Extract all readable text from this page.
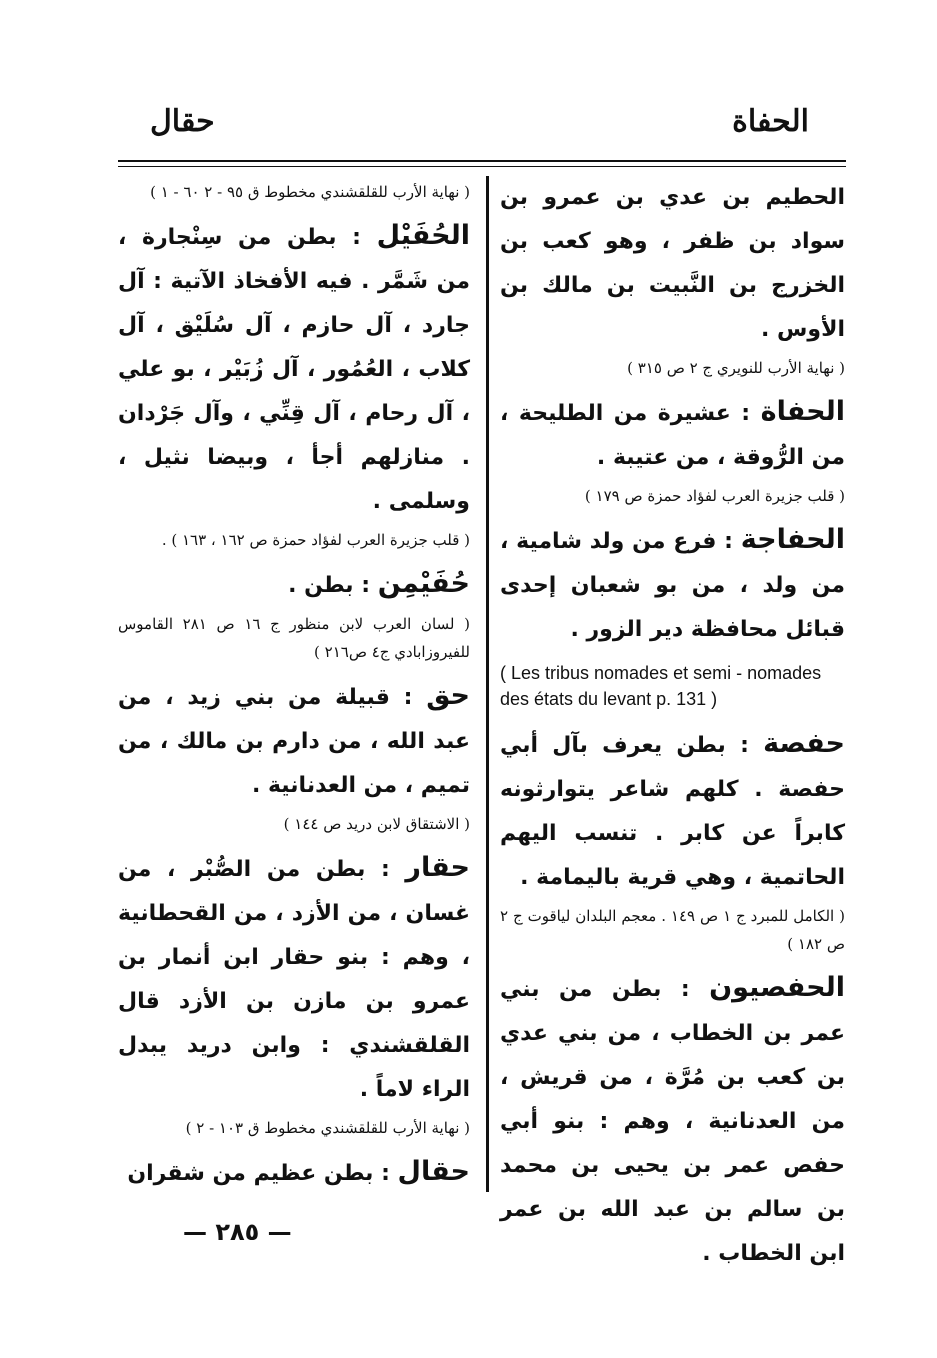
الحفاة
حقال

الحطيم بن عدي بن عمرو بن سواد بن ظفر ، وهو كعب بن الخزرج بن النَّبيت بن مالك بن الأوس .

( نهاية الأرب للنويري ج ٢ ص ٣١٥ )

الحفاة : عشيرة من الطليحة ، من الرُّوقة ، من عتيبة .

( قلب جزيرة العرب لفؤاد حمزة ص ١٧٩ )

الحفاجة : فرع من ولد شامية ، من ولد ، من بو شعبان إحدى قبائل محافظة دير الزور .

( Les tribus nomades et semi - nomades des états du levant p. 131 )

حفصة : بطن يعرف بآل أبي حفصة . كلهم شاعر يتوارثونه كابراً عن كابر . تنسب اليهم الحاتمية ، وهي قرية باليمامة .

( الكامل للمبرد ج ١ ص ١٤٩ . معجم البلدان لياقوت ج ٢ ص ١٨٢ )

الحفصيون : بطن من بني عمر بن الخطاب ، من بني عدي بن كعب بن مُرَّة ، من قريش ، من العدنانية ، وهم : بنو أبي حفص عمر بن يحيى بن محمد بن سالم بن عبد الله بن عمر ابن الخطاب .

( نهاية الأرب للقلقشندي مخطوط ق ٩٥ - ٢ ٦٠ - ١ )

الحُفَيْل : بطن من سِنْجارة ، من شَمَّر . فيه الأفخاذ الآتية : آل جارد ، آل حازم ، آل سُلَيْق ، آل كلاب ، العُمُور ، آل زُبَيْر ، بو علي ، آل رحام ، آل قِنِّي ، وآل جَرْدان . منازلهم أجأ ، وبيضا نثيل ، وسلمى .

( قلب جزيرة العرب لفؤاد حمزة ص ١٦٢ ، ١٦٣ ) .

حُفَيْمِن : بطن .

( لسان العرب لابن منظور ج ١٦ ص ٢٨١ القاموس للفيروزابادي ج٤ ص٢١٦ )

حق : قبيلة من بني زيد ، من عبد الله ، من دارم بن مالك ، من تميم ، من العدنانية .

( الاشتقاق لابن دريد ص ١٤٤ )

حقار : بطن من الصُّبْر ، من غسان ، من الأزد ، من القحطانية ، وهم : بنو حقار ابن أنمار بن عمرو بن مازن بن الأزد قال القلقشندي : وابن دريد يبدل الراء لاماً .

( نهاية الأرب للقلقشندي مخطوط ق ١٠٣ - ٢ )

حقال : بطن عظيم من شقران

— ٢٨٥ —
